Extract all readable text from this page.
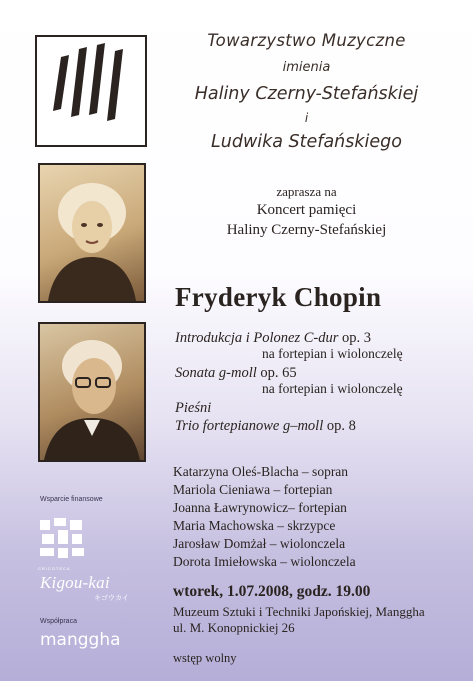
Towarzystwo Muzyczne
imienia
Haliny Czerny-Stefańskiej
i
Ludwika Stefańskiego
zaprasza na
Koncert pamięci
Haliny Czerny-Stefańskiej
Fryderyk Chopin
Introdukcja i Polonez C-dur op. 3
na fortepian i wiolonczelę
Sonata g-moll op. 65
na fortepian i wiolonczelę
Pieśni
Trio fortepianowe g–moll op. 8
Katarzyna Oleś-Blacha – sopran
Mariola Cieniawa – fortepian
Joanna Ławrynowicz– fortepian
Maria Machowska – skrzypce
Jarosław Domżał – wiolonczela
Dorota Imiełowska – wiolonczela
wtorek, 1.07.2008, godz. 19.00
Muzeum Sztuki i Techniki Japońskiej, Manggha
ul. M. Konopnickiej 26
wstęp wolny
Wsparcie finansowe
CRICOTECA
Kigou-kai
キゴウカイ
Współpraca
manggha
